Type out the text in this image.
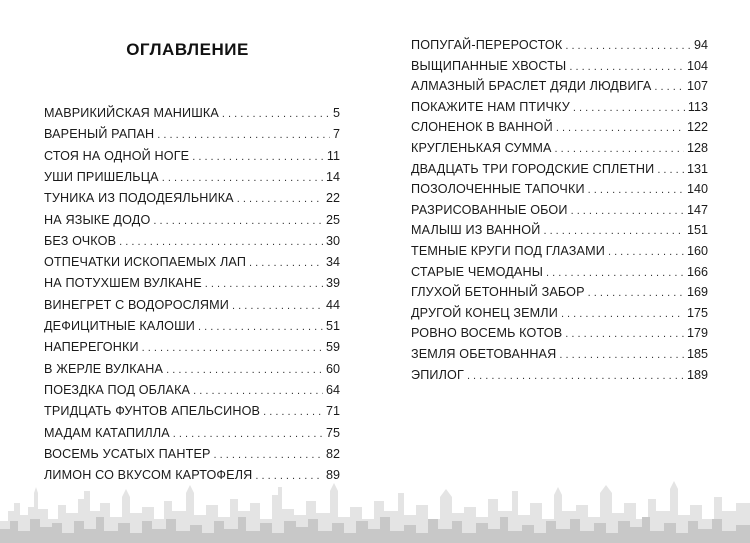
ОГЛАВЛЕНИЕ
МАВРИКИЙСКАЯ МАНИШКА . . .	5
ВАРЕНЫЙ РАПАН . . .	7
СТОЯ НА ОДНОЙ НОГЕ . . .	11
УШИ ПРИШЕЛЬЦА . . .	14
ТУНИКА ИЗ ПОДОДЕЯЛЬНИКА . . .	22
НА ЯЗЫКЕ ДОДО . . .	25
БЕЗ ОЧКОВ . . .	30
ОТПЕЧАТКИ ИСКОПАЕМЫХ ЛАП . . .	34
НА ПОТУХШЕМ ВУЛКАНЕ . . .	39
ВИНЕГРЕТ С ВОДОРОСЛЯМИ . . .	44
ДЕФИЦИТНЫЕ КАЛОШИ . . .	51
НАПЕРЕГОНКИ . . .	59
В ЖЕРЛЕ ВУЛКАНА . . .	60
ПОЕЗДКА ПОД ОБЛАКА . . .	64
ТРИДЦАТЬ ФУНТОВ АПЕЛЬСИНОВ . . .	71
МАДАМ КАТАПИЛЛА . . .	75
ВОСЕМЬ УСАТЫХ ПАНТЕР . . .	82
ЛИМОН СО ВКУСОМ КАРТОФЕЛЯ . . .	89
ПОПУГАЙ-ПЕРЕРОСТОК . . .	94
ВЫЩИПАННЫЕ ХВОСТЫ . . .	104
АЛМАЗНЫЙ БРАСЛЕТ ДЯДИ ЛЮДВИГА . . .	107
ПОКАЖИТЕ НАМ ПТИЧКУ . . .	113
СЛОНЕНОК В ВАННОЙ . . .	122
КРУГЛЕНЬКАЯ СУММА . . .	128
ДВАДЦАТЬ ТРИ ГОРОДСКИЕ СПЛЕТНИ . . .	131
ПОЗОЛОЧЕННЫЕ ТАПОЧКИ . . .	140
РАЗРИСОВАННЫЕ ОБОИ . . .	147
МАЛЫШ ИЗ ВАННОЙ . . .	151
ТЕМНЫЕ КРУГИ ПОД ГЛАЗАМИ . . .	160
СТАРЫЕ ЧЕМОДАНЫ . . .	166
ГЛУХОЙ БЕТОННЫЙ ЗАБОР . . .	169
ДРУГОЙ КОНЕЦ ЗЕМЛИ . . .	175
РОВНО ВОСЕМЬ КОТОВ . . .	179
ЗЕМЛЯ ОБЕТОВАННАЯ . . .	185
ЭПИЛОГ . . .	189
